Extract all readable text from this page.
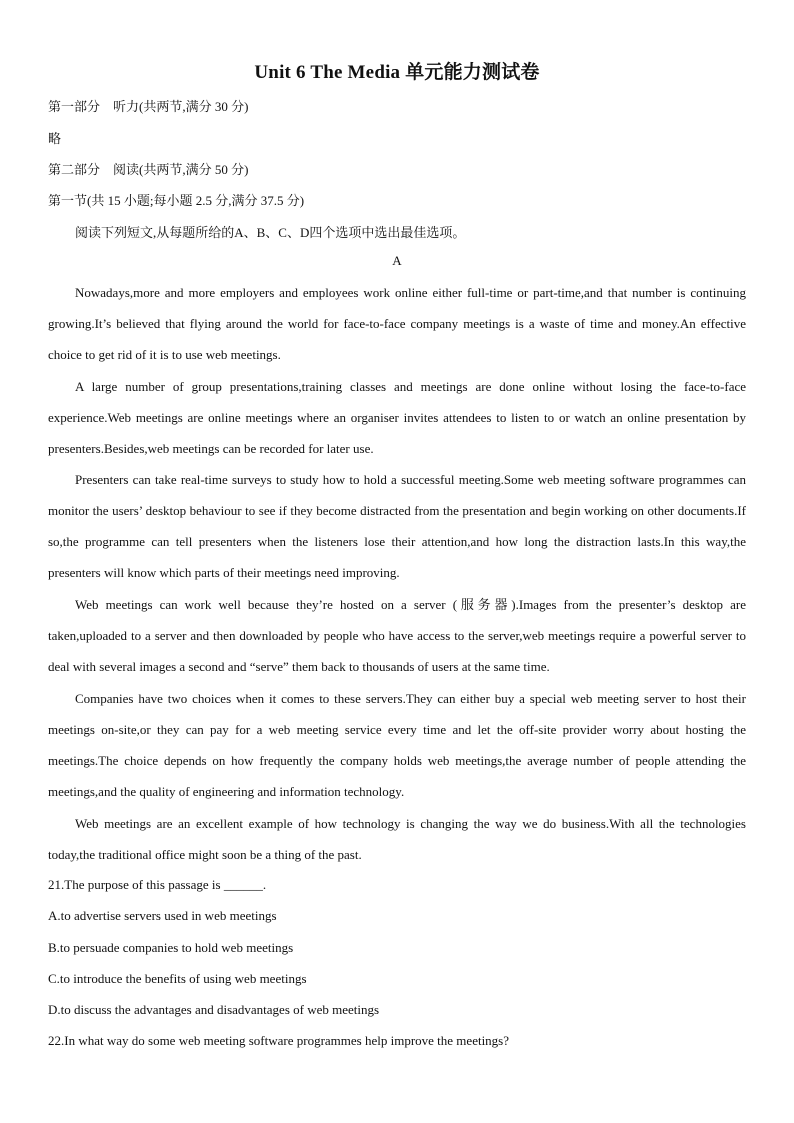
Unit 6 The Media 单元能力测试卷
第一部分　听力(共两节,满分 30 分)
略
第二部分　阅读(共两节,满分 50 分)
第一节(共 15 小题;每小题 2.5 分,满分 37.5 分)
阅读下列短文,从每题所给的A、B、C、D四个选项中选出最佳选项。
A
Nowadays,more and more employers and employees work online either full-time or part-time,and that number is continuing growing.It’s believed that flying around the world for face-to-face company meetings is a waste of time and money.An effective choice to get rid of it is to use web meetings.
A large number of group presentations,training classes and meetings are done online without losing the face-to-face experience.Web meetings are online meetings where an organiser invites attendees to listen to or watch an online presentation by presenters.Besides,web meetings can be recorded for later use.
Presenters can take real-time surveys to study how to hold a successful meeting.Some web meeting software programmes can monitor the users’ desktop behaviour to see if they become distracted from the presentation and begin working on other documents.If so,the programme can tell presenters when the listeners lose their attention,and how long the distraction lasts.In this way,the presenters will know which parts of their meetings need improving.
Web meetings can work well because they’re hosted on a server (服务器).Images from the presenter’s desktop are taken,uploaded to a server and then downloaded by people who have access to the server,web meetings require a powerful server to deal with several images a second and “serve” them back to thousands of users at the same time.
Companies have two choices when it comes to these servers.They can either buy a special web meeting server to host their meetings on-site,or they can pay for a web meeting service every time and let the off-site provider worry about hosting the meetings.The choice depends on how frequently the company holds web meetings,the average number of people attending the meetings,and the quality of engineering and information technology.
Web meetings are an excellent example of how technology is changing the way we do business.With all the technologies today,the traditional office might soon be a thing of the past.
21.The purpose of this passage is ______.
A.to advertise servers used in web meetings
B.to persuade companies to hold web meetings
C.to introduce the benefits of using web meetings
D.to discuss the advantages and disadvantages of web meetings
22.In what way do some web meeting software programmes help improve the meetings?
